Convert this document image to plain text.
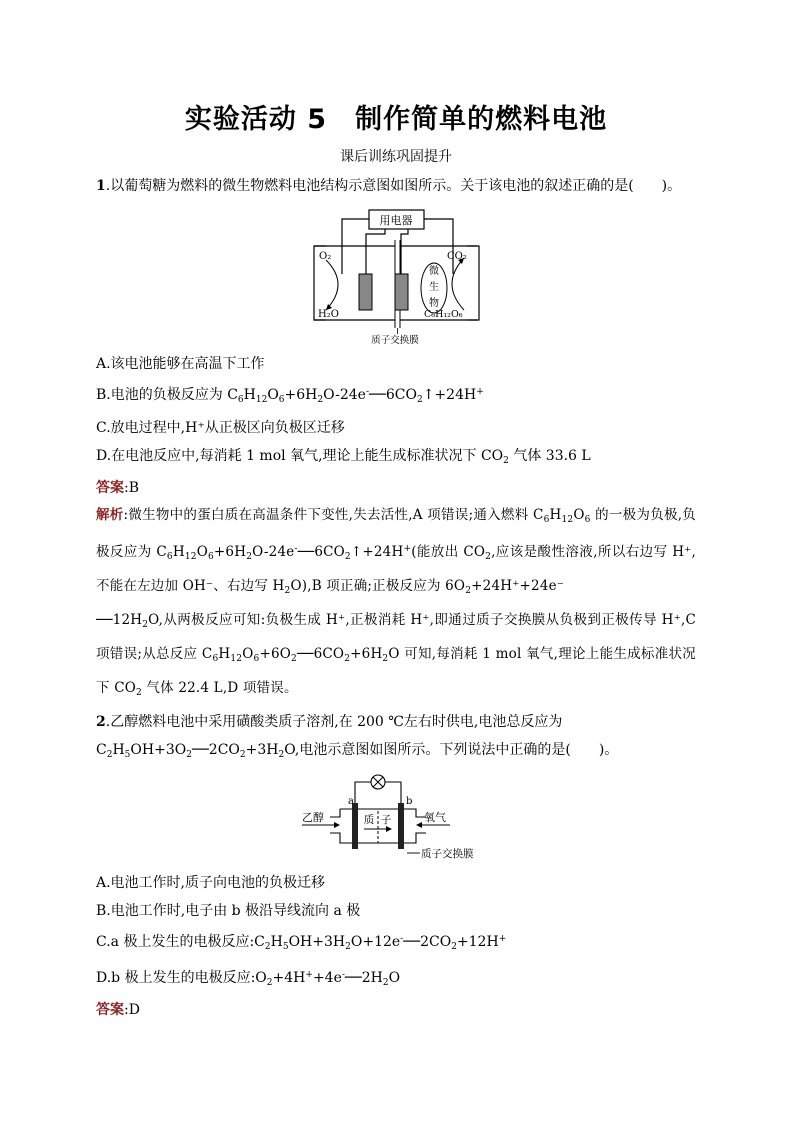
实验活动 5　制作简单的燃料电池

课后训练巩固提升

1.以葡萄糖为燃料的微生物燃料电池结构示意图如图所示。关于该电池的叙述正确的是(　　)。

用电器
微
生
物
O₂	CO₂
H₂O	C₆H₁₂O₆
质子交换膜

A.该电池能够在高温下工作

B.电池的负极反应为 $C_6H_{12}O_6+6H_2O-24e^-──6CO_2↑+24H^+$

C.放电过程中,H⁺从正极区向负极区迁移

D.在电池反应中,每消耗 1 mol 氧气,理论上能生成标准状况下 $CO_2$ 气体 33.6 L

答案:B

解析:微生物中的蛋白质在高温条件下变性,失去活性,A 项错误;通入燃料 $C_6H_{12}O_6$ 的一极为负极,负极反应为 $C_6H_{12}O_6+6H_2O-24e^-──6CO_2↑+24H^+$(能放出 $CO_2$,应该是酸性溶液,所以右边写 H⁺,不能在左边加 OH⁻、右边写 $H_2O),B$ 项正确;正极反应为 $6O_2+24H^++24e^-$
$──12H_2O$,从两极反应可知:负极生成 H⁺,正极消耗 H⁺,即通过质子交换膜从负极到正极传导 H⁺,C 项错误;从总反应 $C_6H_{12}O_6+6O_2──6CO_2+6H_2O$ 可知,每消耗 1 mol 氧气,理论上能生成标准状况下 $CO_2$ 气体 22.4 L,D 项错误。

2.乙醇燃料电池中采用磺酸类质子溶剂,在 200 ℃左右时供电,电池总反应为
$C_2H_5OH+3O_2──2CO_2+3H_2O$,电池示意图如图所示。下列说法中正确的是(　　)。

质 子
a	b
乙醇	氧气
质子交换膜

A.电池工作时,质子向电池的负极迁移

B.电池工作时,电子由 b 极沿导线流向 a 极

C.a 极上发生的电极反应$:C_2H_5OH+3H_2O+12e^-──2CO_2+12H^+$

D.b 极上发生的电极反应$:O_2+4H^++4e^-──2H_2O$

答案:D
